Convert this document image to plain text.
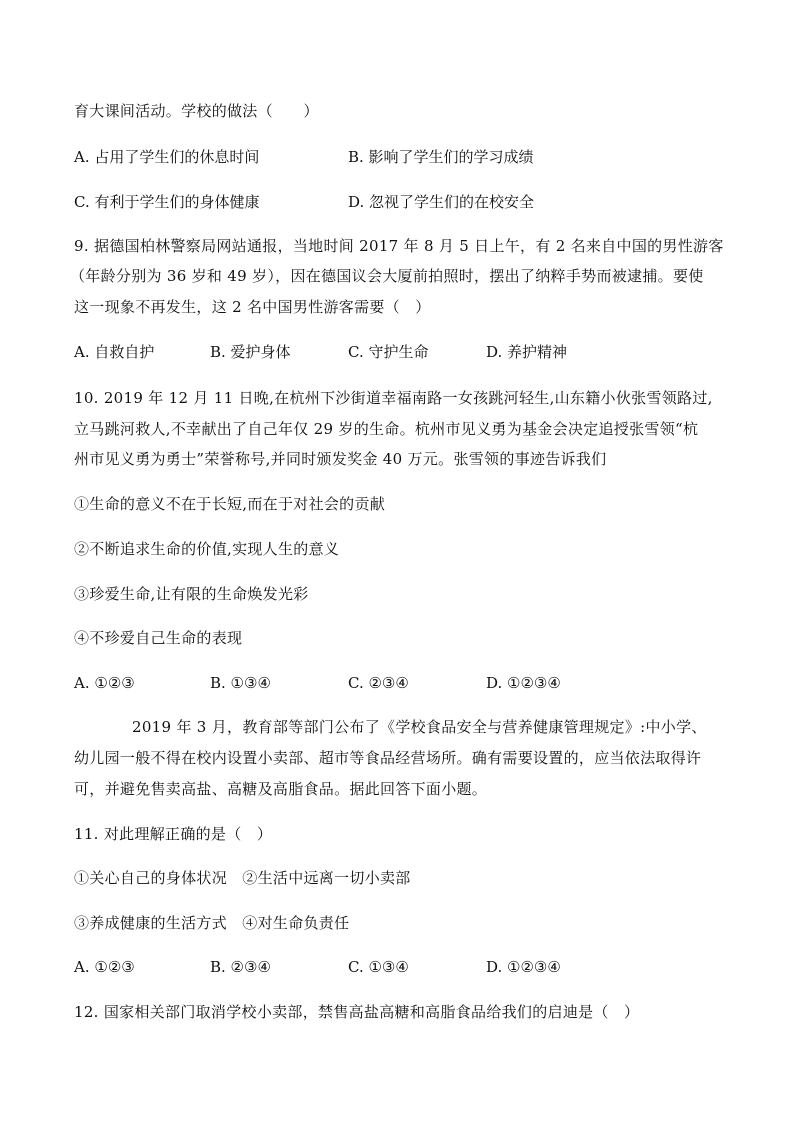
育大课间活动。学校的做法（　　）
A. 占用了学生们的休息时间	B. 影响了学生们的学习成绩
C. 有利于学生们的身体健康	D. 忽视了学生们的在校安全
9. 据德国柏林警察局网站通报，当地时间 2017 年 8 月 5 日上午，有 2 名来自中国的男性游客
（年龄分别为 36 岁和 49 岁），因在德国议会大厦前拍照时，摆出了纳粹手势而被逮捕。要使
这一现象不再发生，这 2 名中国男性游客需要（　）
A. 自救自护	B. 爱护身体	C. 守护生命	D. 养护精神
10. 2019 年 12 月 11 日晚,在杭州下沙街道幸福南路一女孩跳河轻生,山东籍小伙张雪领路过,
立马跳河救人,不幸献出了自己年仅 29 岁的生命。杭州市见义勇为基金会决定追授张雪领“杭
州市见义勇为勇士”荣誉称号,并同时颁发奖金 40 万元。张雪领的事迹告诉我们
①生命的意义不在于长短,而在于对社会的贡献
②不断追求生命的价值,实现人生的意义
③珍爱生命,让有限的生命焕发光彩
④不珍爱自己生命的表现
A. ①②③	B. ①③④	C. ②③④	D. ①②③④
2019 年 3 月，教育部等部门公布了《学校食品安全与营养健康管理规定》:中小学、
幼儿园一般不得在校内设置小卖部、超市等食品经营场所。确有需要设置的，应当依法取得许
可，并避免售卖高盐、高糖及高脂食品。据此回答下面小题。
11. 对此理解正确的是（　）
①关心自己的身体状况　②生活中远离一切小卖部
③养成健康的生活方式　④对生命负责任
A. ①②③	B. ②③④	C. ①③④	D. ①②③④
12. 国家相关部门取消学校小卖部，禁售高盐高糖和高脂食品给我们的启迪是（　）
